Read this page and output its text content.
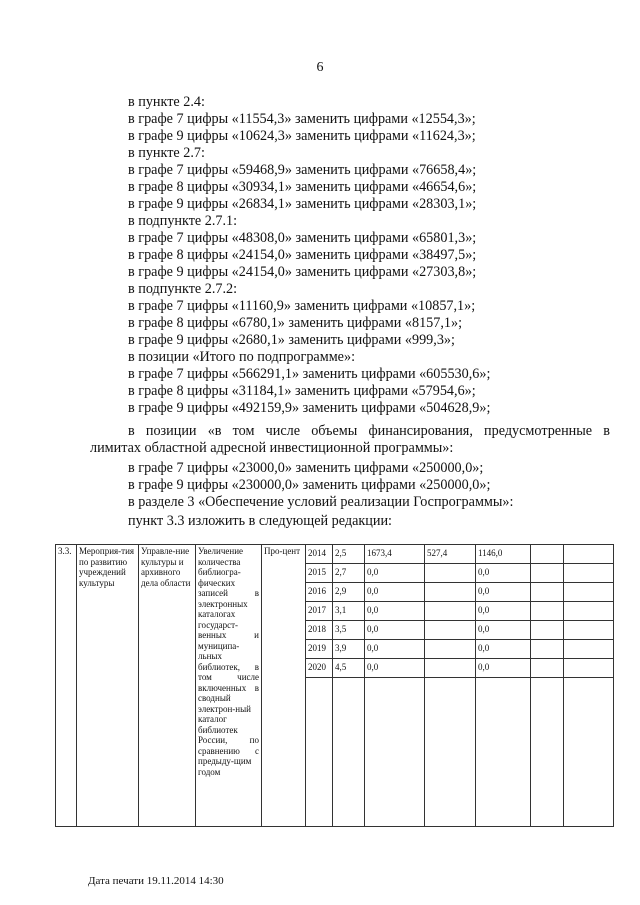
6
в пункте 2.4:
в графе 7 цифры «11554,3» заменить цифрами «12554,3»;
в графе 9 цифры «10624,3» заменить цифрами «11624,3»;
в пункте 2.7:
в графе 7 цифры «59468,9» заменить цифрами «76658,4»;
в графе 8 цифры «30934,1» заменить цифрами «46654,6»;
в графе 9 цифры «26834,1» заменить цифрами «28303,1»;
в подпункте 2.7.1:
в графе 7 цифры «48308,0» заменить цифрами «65801,3»;
в графе 8 цифры «24154,0» заменить цифрами «38497,5»;
в графе 9 цифры «24154,0» заменить цифрами «27303,8»;
в подпункте 2.7.2:
в графе 7 цифры «11160,9» заменить цифрами «10857,1»;
в графе 8 цифры «6780,1» заменить цифрами «8157,1»;
в графе 9 цифры «2680,1» заменить цифрами «999,3»;
в позиции «Итого по подпрограмме»:
в графе 7 цифры «566291,1» заменить цифрами «605530,6»;
в графе 8 цифры «31184,1» заменить цифрами «57954,6»;
в графе 9 цифры «492159,9» заменить цифрами «504628,9»;
в позиции «в том числе объемы финансирования, предусмотренные в
лимитах областной адресной инвестиционной программы»:
в графе 7 цифры «23000,0» заменить цифрами «250000,0»;
в графе 9 цифры «230000,0» заменить цифрами «250000,0»;
в разделе 3 «Обеспечение условий реализации Госпрограммы»:
пункт 3.3 изложить в следующей редакции:
3.3.	Мероприя-тия по развитию учреждений культуры	Управле-ние культуры и архивного дела области	Увеличение количества библиогра-фических записей в электронных каталогах государст-венных и муниципа-льных библиотек, в том числе включенных в сводный электрон-ный каталог библиотек России, по сравнению с предыду-щим годом	Про-цент	2014	2,5	1673,4	527,4	1146,0		
					2015	2,7	0,0		0,0		
					2016	2,9	0,0		0,0		
					2017	3,1	0,0		0,0		
					2018	3,5	0,0		0,0		
					2019	3,9	0,0		0,0		
					2020	4,5	0,0		0,0		

Дата печати 19.11.2014 14:30
